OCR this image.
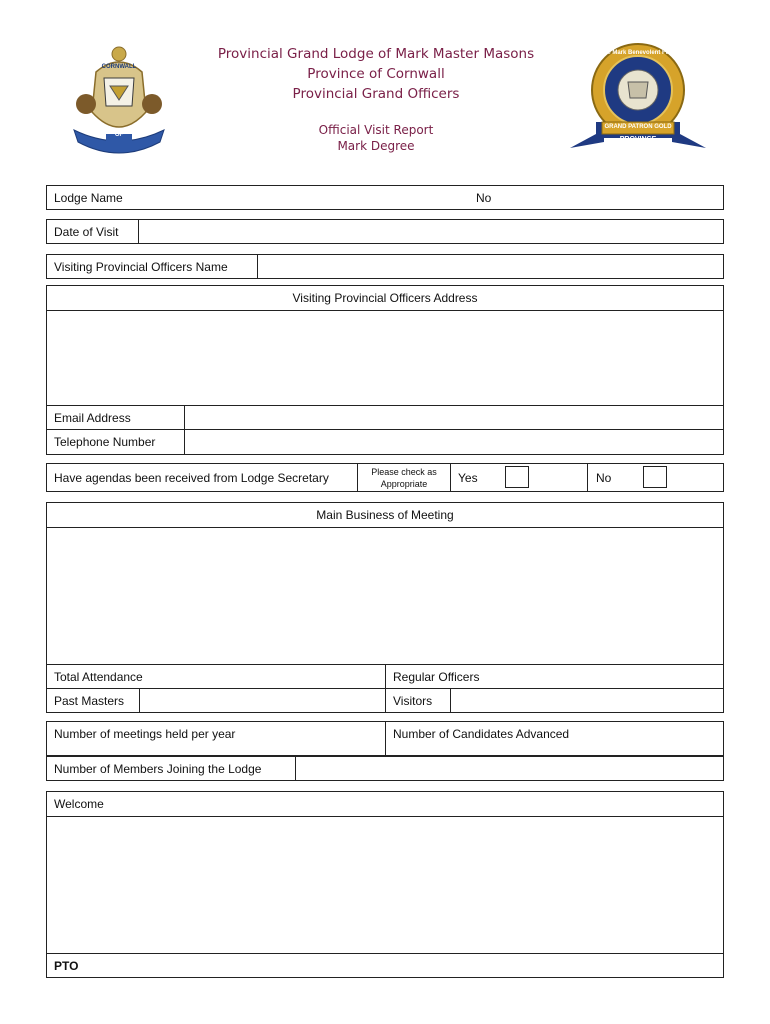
CORNWALL
OF
Provincial Grand Lodge of Mark Master Masons
Province of Cornwall
Provincial Grand Officers
Official Visit Report
Mark Degree
The Mark Benevolent Fund
GRAND PATRON GOLD
PROVINCE
Lodge Name	No
Date of Visit
Visiting Provincial Officers Name
Visiting Provincial Officers Address
Email Address
Telephone Number
Have agendas been received from Lodge Secretary	Please check as Appropriate	Yes	No
Main Business of Meeting
Total Attendance	Regular Officers
Past Masters	Visitors
Number of meetings held per year	Number of Candidates Advanced
Number of Members Joining the Lodge
Welcome
PTO
